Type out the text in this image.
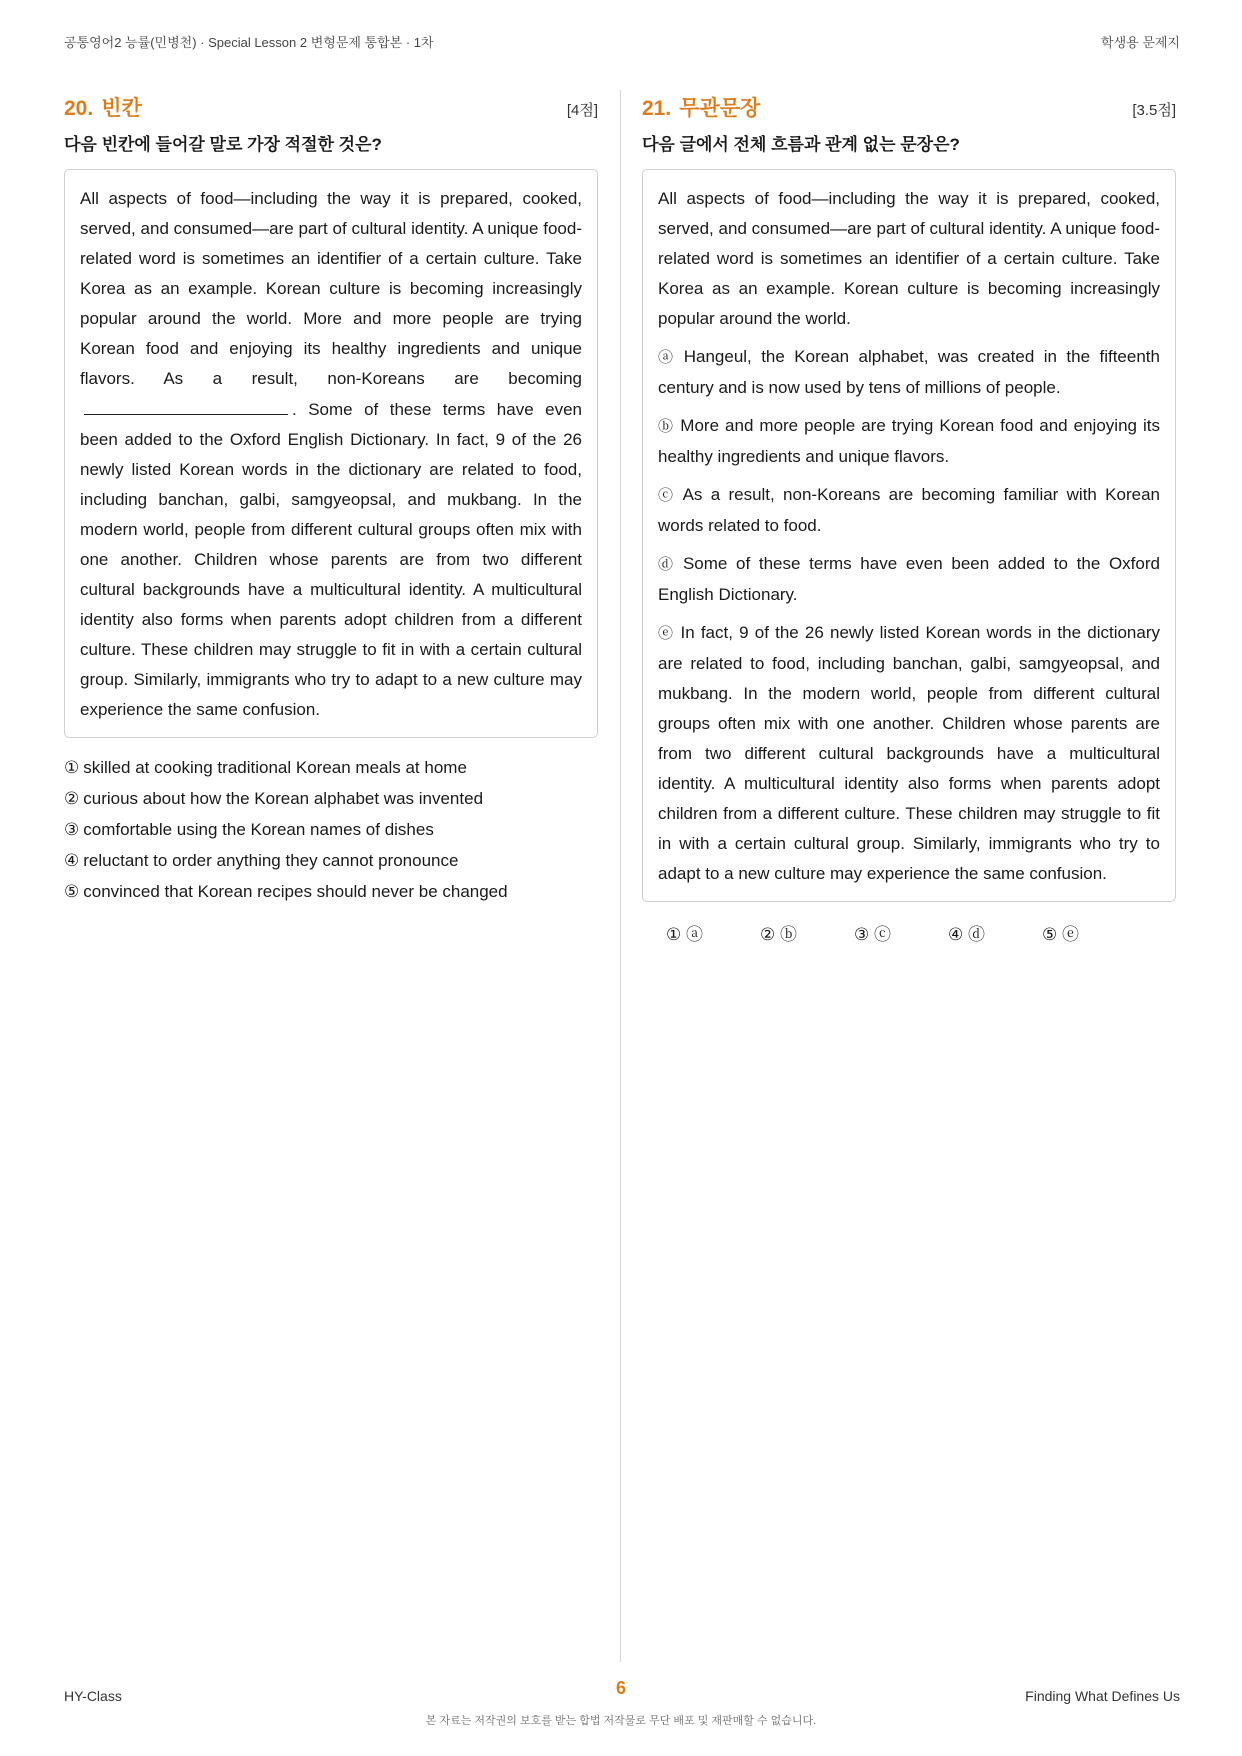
공통영어2 능률(민병천) · Special Lesson 2 변형문제 통합본 · 1차	학생용 문제지
20. 빈칸	[4점]
다음 빈칸에 들어갈 말로 가장 적절한 것은?
All aspects of food—including the way it is prepared, cooked, served, and consumed—are part of cultural identity. A unique food-related word is sometimes an identifier of a certain culture. Take Korea as an example. Korean culture is becoming increasingly popular around the world. More and more people are trying Korean food and enjoying its healthy ingredients and unique flavors. As a result, non-Koreans are becoming. Some of these terms have even been added to the Oxford English Dictionary. In fact, 9 of the 26 newly listed Korean words in the dictionary are related to food, including banchan, galbi, samgyeopsal, and mukbang. In the modern world, people from different cultural groups often mix with one another. Children whose parents are from two different cultural backgrounds have a multicultural identity. A multicultural identity also forms when parents adopt children from a different culture. These children may struggle to fit in with a certain cultural group. Similarly, immigrants who try to adapt to a new culture may experience the same confusion.
① skilled at cooking traditional Korean meals at home
② curious about how the Korean alphabet was invented
③ comfortable using the Korean names of dishes
④ reluctant to order anything they cannot pronounce
⑤ convinced that Korean recipes should never be changed
21. 무관문장	[3.5점]
다음 글에서 전체 흐름과 관계 없는 문장은?
All aspects of food—including the way it is prepared, cooked, served, and consumed—are part of cultural identity. A unique food-related word is sometimes an identifier of a certain culture. Take Korea as an example. Korean culture is becoming increasingly popular around the world.
ⓐ Hangeul, the Korean alphabet, was created in the fifteenth century and is now used by tens of millions of people.
ⓑ More and more people are trying Korean food and enjoying its healthy ingredients and unique flavors.
ⓒ As a result, non-Koreans are becoming familiar with Korean words related to food.
ⓓ Some of these terms have even been added to the Oxford English Dictionary.
ⓔ In fact, 9 of the 26 newly listed Korean words in the dictionary are related to food, including banchan, galbi, samgyeopsal, and mukbang. In the modern world, people from different cultural groups often mix with one another. Children whose parents are from two different cultural backgrounds have a multicultural identity. A multicultural identity also forms when parents adopt children from a different culture. These children may struggle to fit in with a certain cultural group. Similarly, immigrants who try to adapt to a new culture may experience the same confusion.
① ⓐ	② ⓑ	③ ⓒ	④ ⓓ	⑤ ⓔ
HY-Class	6	Finding What Defines Us
본 자료는 저작권의 보호를 받는 합법 저작물로 무단 배포 및 재판매할 수 없습니다.
